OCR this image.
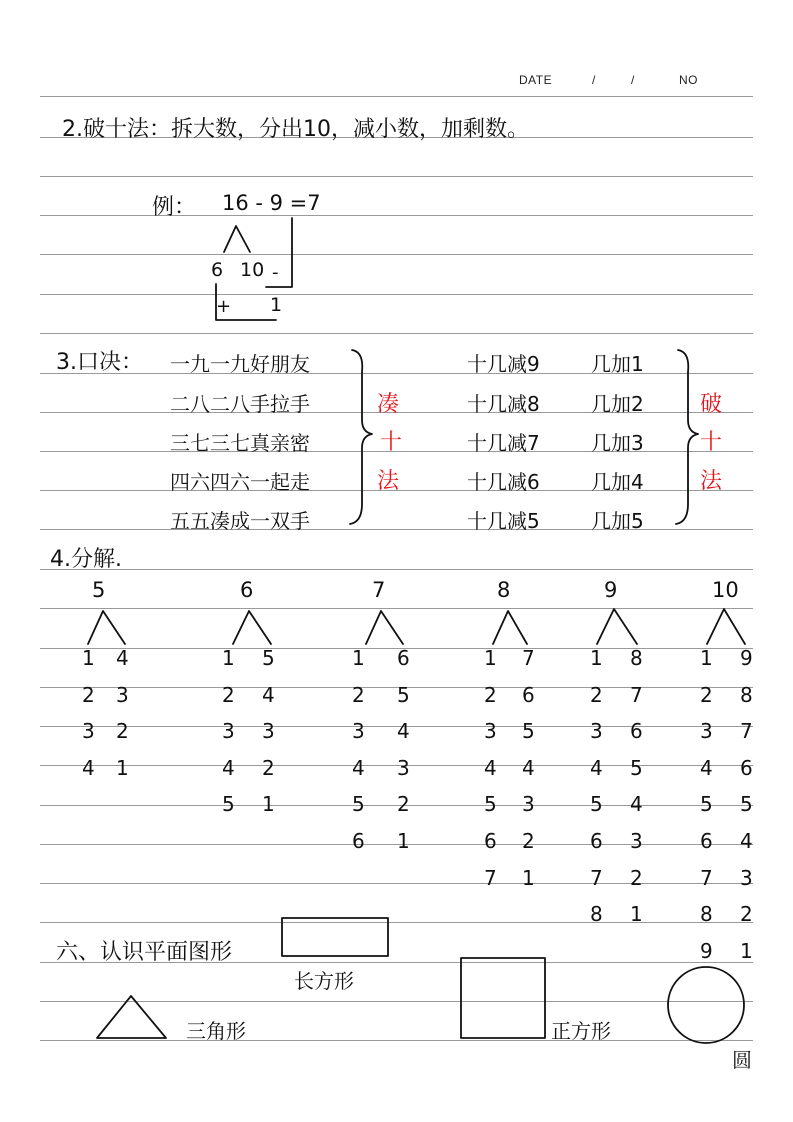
DATE	/	/	NO
2.破十法：拆大数，分出10，减小数，加剩数。
例： 16 - 9 =7
6 10 -
+ 1
3.口决： 一九一九好朋友
二八二八手拉手
三七三七真亲密
四六四六一起走
五五凑成一双手
凑
十
法
十几减9	几加1
十几减8	几加2
十几减7	几加3
十几减6	几加4
十几减5	几加5
破
十
法
4.分解.
5
1 4
2 3
3 2
4 1
6
1 5
2 4
3 3
4 2
5 1
7
1 6
2 5
3 4
4 3
5 2
6 1
8
1 7
2 6
3 5
4 4
5 3
6 2
7 1
9
1 8
2 7
3 6
4 5
5 4
6 3
7 2
8 1
10
1 9
2 8
3 7
4 6
5 5
6 4
7 3
8 2
9 1
六、认识平面图形
长方形
三角形	正方形
圆
